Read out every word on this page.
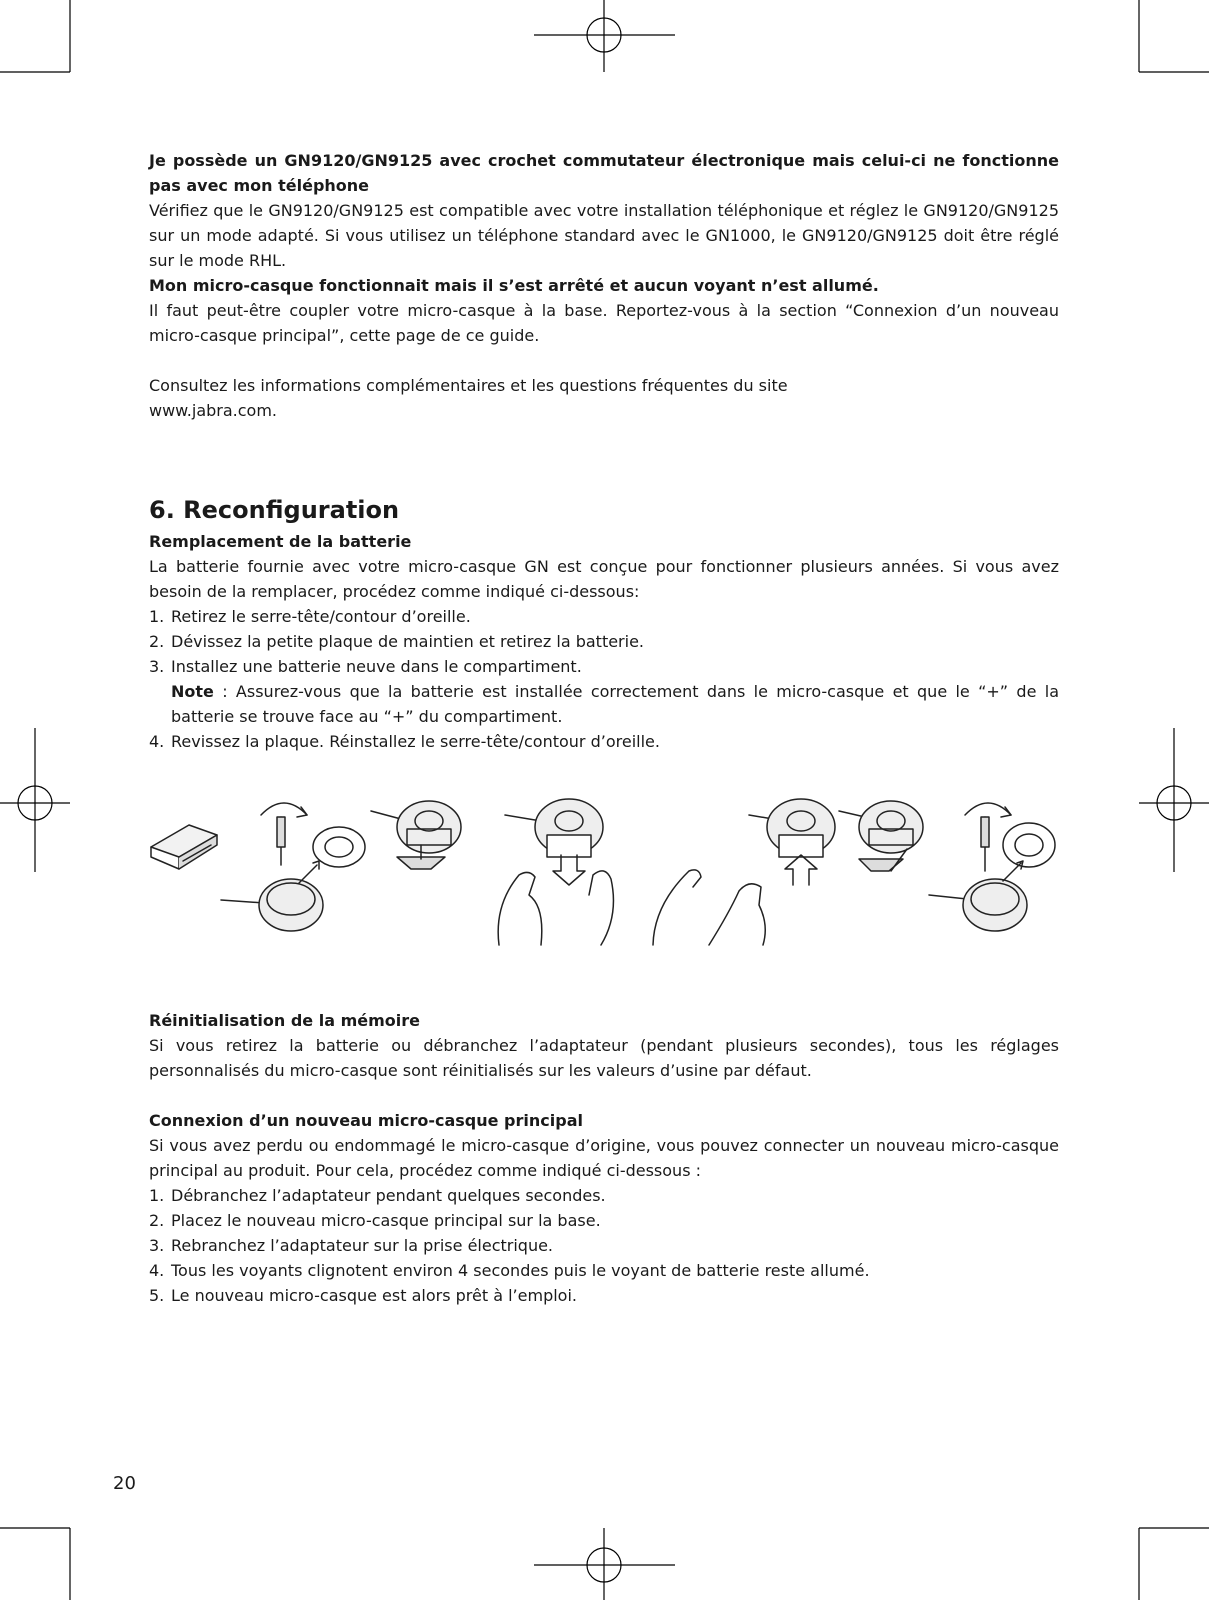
Je possède un GN9120/GN9125 avec crochet commutateur électronique mais celui-ci ne fonctionne pas avec mon téléphone

Vérifiez que le GN9120/GN9125 est compatible avec votre installation téléphonique et réglez le GN9120/GN9125 sur un mode adapté. Si vous utilisez un téléphone standard avec le GN1000, le GN9120/GN9125 doit être réglé sur le mode RHL.

Mon micro-casque fonctionnait mais il s’est arrêté et aucun voyant n’est allumé.

Il faut peut-être coupler votre micro-casque à la base. Reportez-vous à la section “Connexion d’un nouveau micro-casque principal”, cette page de ce guide.

Consultez les informations complémentaires et les questions fréquentes du site

www.jabra.com.

6. Reconfiguration

Remplacement de la batterie

La batterie fournie avec votre micro-casque GN est conçue pour fonctionner plusieurs années. Si vous avez besoin de la remplacer, procédez comme indiqué ci-dessous:

1. Retirez le serre-tête/contour d’oreille.
2. Dévissez la petite plaque de maintien et retirez la batterie.
3. Installez une batterie neuve dans le compartiment.
Note : Assurez-vous que la batterie est installée correctement dans le micro-casque et que le “+” de la batterie se trouve face au “+” du compartiment.
4. Revissez la plaque. Réinstallez le serre-tête/contour d’oreille.

Réinitialisation de la mémoire

Si vous retirez la batterie ou débranchez l’adaptateur (pendant plusieurs secondes), tous les réglages personnalisés du micro-casque sont réinitialisés sur les valeurs d’usine par défaut.

Connexion d’un nouveau micro-casque principal

Si vous avez perdu ou endommagé le micro-casque d’origine, vous pouvez connecter un nouveau micro-casque principal au produit. Pour cela, procédez comme indiqué ci-dessous :

1. Débranchez l’adaptateur pendant quelques secondes.
2. Placez le nouveau micro-casque principal sur la base.
3. Rebranchez l’adaptateur sur la prise électrique.
4. Tous les voyants clignotent environ 4 secondes puis le voyant de batterie reste allumé.
5. Le nouveau micro-casque est alors prêt à l’emploi.
20
